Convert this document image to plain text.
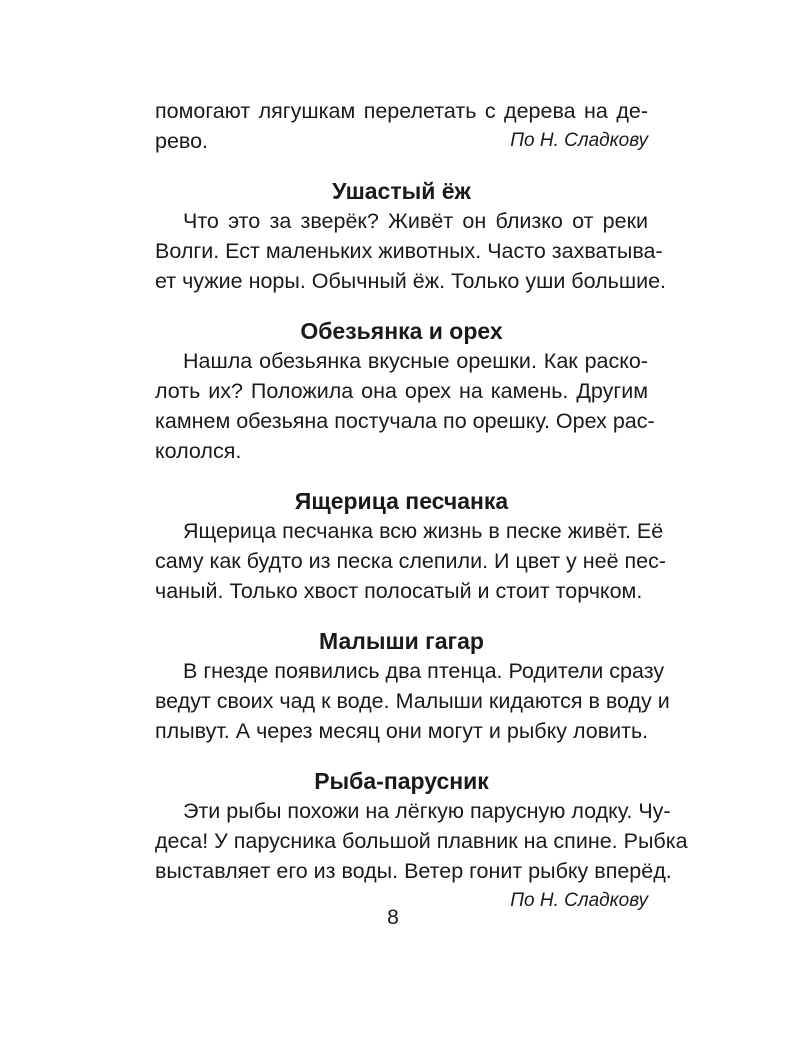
помогают лягушкам перелетать с дерева на де-
рево.	По Н. Сладкову
Ушастый ёж
Что это за зверёк? Живёт он близко от реки
Волги. Ест маленьких животных. Часто захватыва-
ет чужие норы. Обычный ёж. Только уши большие.
Обезьянка и орех
Нашла обезьянка вкусные орешки. Как раско-
лоть их? Положила она орех на камень. Другим
камнем обезьяна постучала по орешку. Орех рас-
кололся.
Ящерица песчанка
Ящерица песчанка всю жизнь в песке живёт. Её
саму как будто из песка слепили. И цвет у неё пес-
чаный. Только хвост полосатый и стоит торчком.
Малыши гагар
В гнезде появились два птенца. Родители сразу
ведут своих чад к воде. Малыши кидаются в воду и
плывут. А через месяц они могут и рыбку ловить.
Рыба-парусник
Эти рыбы похожи на лёгкую парусную лодку. Чу-
деса! У парусника большой плавник на спине. Рыбка
выставляет его из воды. Ветер гонит рыбку вперёд.
По Н. Сладкову
8
